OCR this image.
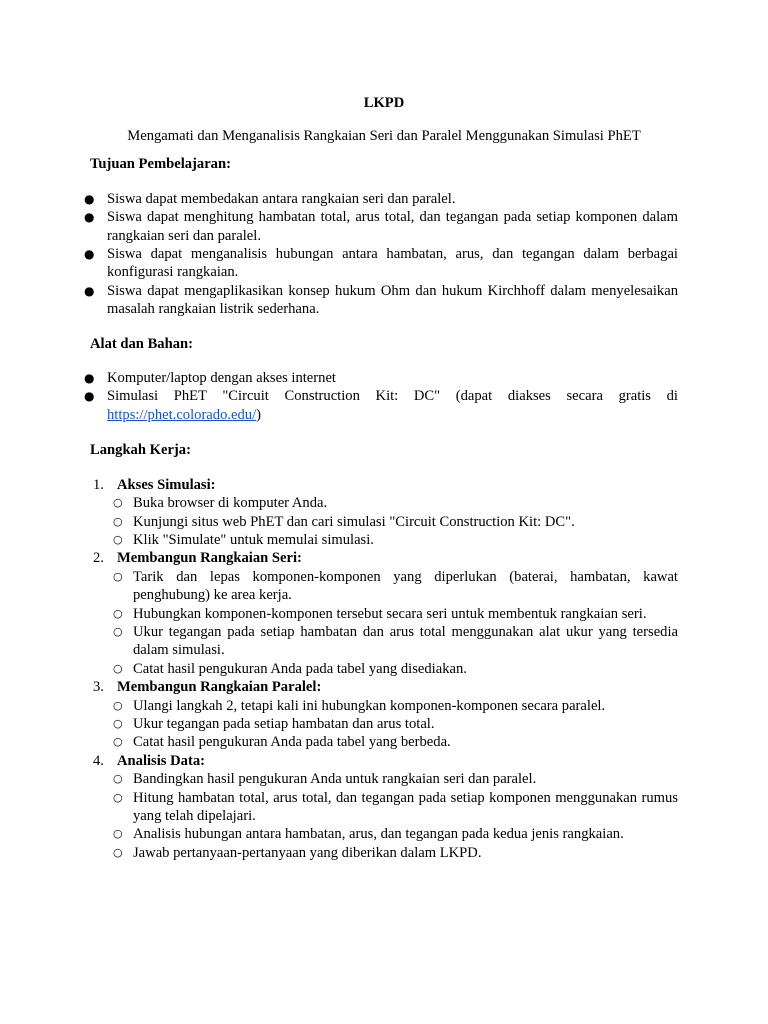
LKPD
Mengamati dan Menganalisis Rangkaian Seri dan Paralel Menggunakan Simulasi PhET
Tujuan Pembelajaran:
● Siswa dapat membedakan antara rangkaian seri dan paralel.
● Siswa dapat menghitung hambatan total, arus total, dan tegangan pada setiap komponen dalam rangkaian seri dan paralel.
● Siswa dapat menganalisis hubungan antara hambatan, arus, dan tegangan dalam berbagai konfigurasi rangkaian.
● Siswa dapat mengaplikasikan konsep hukum Ohm dan hukum Kirchhoff dalam menyelesaikan masalah rangkaian listrik sederhana.
Alat dan Bahan:
● Komputer/laptop dengan akses internet
● Simulasi PhET "Circuit Construction Kit: DC" (dapat diakses secara gratis di https://phet.colorado.edu/)
Langkah Kerja:
1. Akses Simulasi:
○ Buka browser di komputer Anda.
○ Kunjungi situs web PhET dan cari simulasi "Circuit Construction Kit: DC".
○ Klik "Simulate" untuk memulai simulasi.
2. Membangun Rangkaian Seri:
○ Tarik dan lepas komponen-komponen yang diperlukan (baterai, hambatan, kawat penghubung) ke area kerja.
○ Hubungkan komponen-komponen tersebut secara seri untuk membentuk rangkaian seri.
○ Ukur tegangan pada setiap hambatan dan arus total menggunakan alat ukur yang tersedia dalam simulasi.
○ Catat hasil pengukuran Anda pada tabel yang disediakan.
3. Membangun Rangkaian Paralel:
○ Ulangi langkah 2, tetapi kali ini hubungkan komponen-komponen secara paralel.
○ Ukur tegangan pada setiap hambatan dan arus total.
○ Catat hasil pengukuran Anda pada tabel yang berbeda.
4. Analisis Data:
○ Bandingkan hasil pengukuran Anda untuk rangkaian seri dan paralel.
○ Hitung hambatan total, arus total, dan tegangan pada setiap komponen menggunakan rumus yang telah dipelajari.
○ Analisis hubungan antara hambatan, arus, dan tegangan pada kedua jenis rangkaian.
○ Jawab pertanyaan-pertanyaan yang diberikan dalam LKPD.
